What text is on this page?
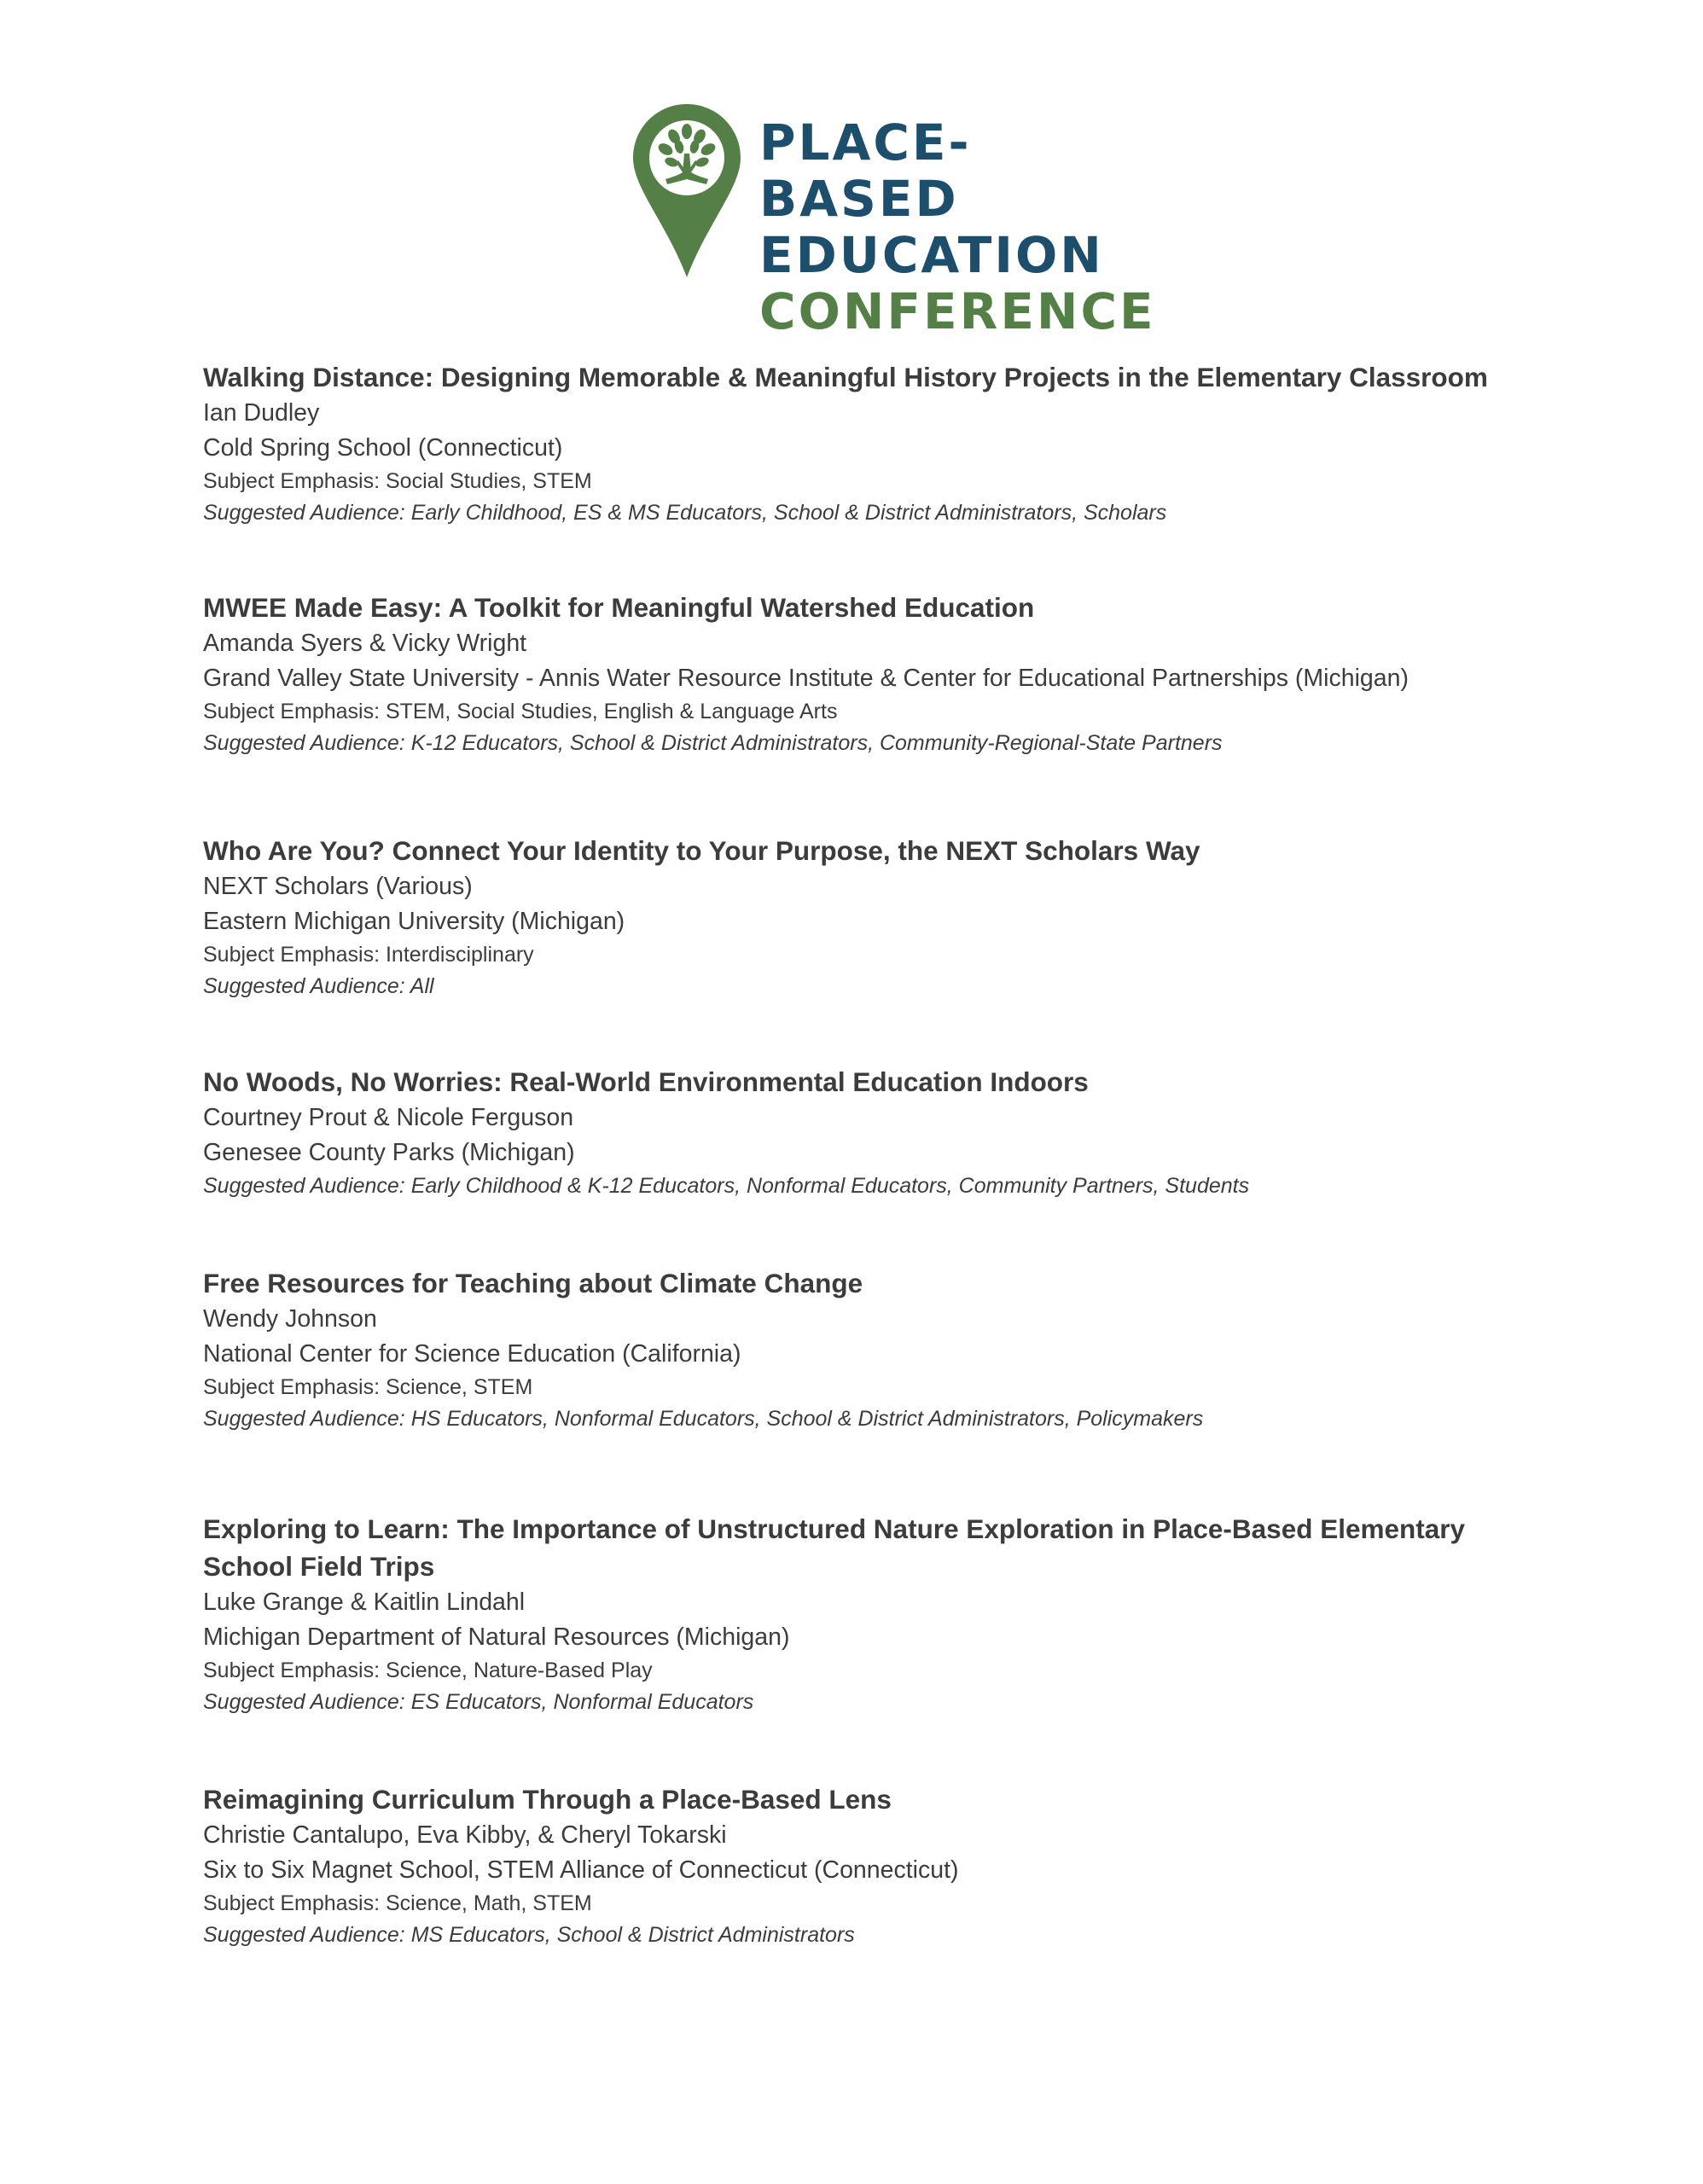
PLACE-BASED
EDUCATION
CONFERENCE
Walking Distance: Designing Memorable & Meaningful History Projects in the Elementary Classroom
Ian Dudley
Cold Spring School (Connecticut)
Subject Emphasis: Social Studies, STEM
Suggested Audience: Early Childhood, ES & MS Educators, School & District Administrators, Scholars
MWEE Made Easy: A Toolkit for Meaningful Watershed Education
Amanda Syers & Vicky Wright
Grand Valley State University - Annis Water Resource Institute & Center for Educational Partnerships (Michigan)
Subject Emphasis: STEM, Social Studies, English & Language Arts
Suggested Audience: K-12 Educators, School & District Administrators, Community-Regional-State Partners
Who Are You? Connect Your Identity to Your Purpose, the NEXT Scholars Way
NEXT Scholars (Various)
Eastern Michigan University (Michigan)
Subject Emphasis: Interdisciplinary
Suggested Audience: All
No Woods, No Worries: Real-World Environmental Education Indoors
Courtney Prout & Nicole Ferguson
Genesee County Parks (Michigan)
Suggested Audience: Early Childhood & K-12 Educators, Nonformal Educators, Community Partners, Students
Free Resources for Teaching about Climate Change
Wendy Johnson
National Center for Science Education (California)
Subject Emphasis: Science, STEM
Suggested Audience: HS Educators, Nonformal Educators, School & District Administrators, Policymakers
Exploring to Learn: The Importance of Unstructured Nature Exploration in Place-Based Elementary
School Field Trips
Luke Grange & Kaitlin Lindahl
Michigan Department of Natural Resources (Michigan)
Subject Emphasis: Science, Nature-Based Play
Suggested Audience: ES Educators, Nonformal Educators
Reimagining Curriculum Through a Place-Based Lens
Christie Cantalupo, Eva Kibby, & Cheryl Tokarski
Six to Six Magnet School, STEM Alliance of Connecticut (Connecticut)
Subject Emphasis: Science, Math, STEM
Suggested Audience: MS Educators, School & District Administrators
